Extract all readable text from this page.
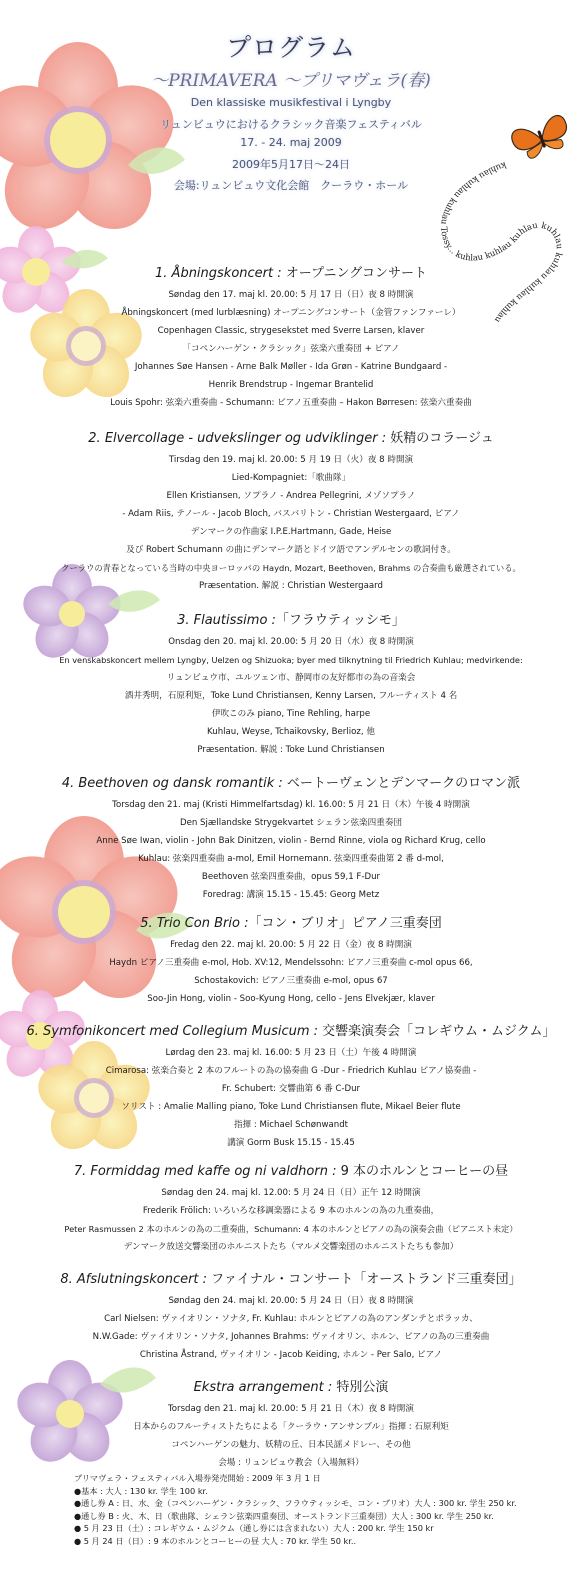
kuhlau kuhlau kuhlau Tossy... kuhlau kuhlau kuhlau kuhlau kuhlau kuhlau kuhlau
プログラム
〜PRIMAVERA 〜プリマヴェラ(春)
Den klassiske musikfestival i Lyngby
リュンビュウにおけるクラシック音楽フェスティバル
17. - 24. maj 2009
2009年5月17日〜24日
会場:リュンビュウ文化会館　クーラウ・ホール
1. Åbningskoncert : オープニングコンサート
Søndag den 17. maj kl. 20.00: 5 月 17 日（日）夜 8 時開演
Åbningskoncert (med lurblæsning) オープニングコンサート（金管ファンファーレ）
Copenhagen Classic, strygesekstet med Sverre Larsen, klaver
「コペンハーゲン・クラシック」弦楽六重奏団 + ピアノ
Johannes Søe Hansen - Arne Balk Møller - Ida Grøn - Katrine Bundgaard -
Henrik Brendstrup - Ingemar Brantelid
Louis Spohr: 弦楽六重奏曲 - Schumann: ピアノ五重奏曲 – Hakon Børresen: 弦楽六重奏曲
2. Elvercollage - udvekslinger og udviklinger : 妖精のコラージュ
Tirsdag den 19. maj kl. 20.00: 5 月 19 日（火）夜 8 時開演
Lied-Kompagniet:「歌曲隊」
Ellen Kristiansen, ソプラノ - Andrea Pellegrini, メゾソプラノ
- Adam Riis, テノール - Jacob Bloch, バスバリトン - Christian Westergaard, ピアノ
デンマークの作曲家 I.P.E.Hartmann, Gade, Heise
及び Robert Schumann の曲にデンマーク語とドイツ語でアンデルセンの歌詞付き。
クーラウの青春となっている当時の中央ヨーロッパの Haydn, Mozart, Beethoven, Brahms の合奏曲も厳選されている。
Præsentation. 解説 : Christian Westergaard
3. Flautissimo :「フラウティッシモ」
Onsdag den 20. maj kl. 20.00: 5 月 20 日（水）夜 8 時開演
En venskabskoncert mellem Lyngby, Uelzen og Shizuoka; byer med tilknytning til Friedrich Kuhlau; medvirkende:
リュンビュウ市、ユルツェン市、静岡市の友好都市の為の音楽会
酒井秀明，石原利矩，Toke Lund Christiansen, Kenny Larsen, フルーティスト 4 名
伊吹このみ piano, Tine Rehling, harpe
Kuhlau, Weyse, Tchaikovsky, Berlioz, 他
Præsentation. 解説 : Toke Lund Christiansen
4. Beethoven og dansk romantik : ベートーヴェンとデンマークのロマン派
Torsdag den 21. maj (Kristi Himmelfartsdag) kl. 16.00: 5 月 21 日（木）午後 4 時開演
Den Sjællandske Strygekvartet シェラン弦楽四重奏団
Anne Søe Iwan, violin - John Bak Dinitzen, violin - Bernd Rinne, viola og Richard Krug, cello
Kuhlau: 弦楽四重奏曲 a-mol, Emil Hornemann. 弦楽四重奏曲第 2 番 d-mol,
Beethoven 弦楽四重奏曲，opus 59,1 F-Dur
Foredrag: 講演 15.15 - 15.45: Georg Metz
5. Trio Con Brio :「コン・ブリオ」ピアノ三重奏団
Fredag den 22. maj kl. 20.00: 5 月 22 日（金）夜 8 時開演
Haydn ピアノ三重奏曲 e-mol, Hob. XV:12, Mendelssohn: ピアノ三重奏曲 c-mol opus 66,
Schostakovich: ピアノ三重奏曲 e-mol, opus 67
Soo-Jin Hong, violin - Soo-Kyung Hong, cello - Jens Elvekjær, klaver
6. Symfonikoncert med Collegium Musicum : 交響楽演奏会「コレギウム・ムジクム」
Lørdag den 23. maj kl. 16.00: 5 月 23 日（土）午後 4 時開演
Cimarosa: 弦楽合奏と 2 本のフルートの為の協奏曲 G -Dur - Friedrich Kuhlau ピアノ協奏曲 -
Fr. Schubert: 交響曲第 6 番 C-Dur
ソリスト : Amalie Malling piano, Toke Lund Christiansen flute, Mikael Beier flute
指揮 : Michael Schønwandt
講演 Gorm Busk 15.15 - 15.45
7. Formiddag med kaffe og ni valdhorn : 9 本のホルンとコーヒーの昼
Søndag den 24. maj kl. 12.00: 5 月 24 日（日）正午 12 時開演
Frederik Frölich: いろいろな移調楽器による 9 本のホルンの為の九重奏曲，
Peter Rasmussen 2 本のホルンの為の二重奏曲，Schumann: 4 本のホルンとピアノの為の演奏会曲（ピアニスト未定）
デンマーク放送交響楽団のホルニストたち（マルメ交響楽団のホルニストたちも参加）
8. Afslutningskoncert : ファイナル・コンサート「オーストランド三重奏団」
Søndag den 24. maj kl. 20.00: 5 月 24 日（日）夜 8 時開演
Carl Nielsen: ヴァイオリン・ソナタ, Fr. Kuhlau: ホルンとピアノの為のアンダンテとポラッカ、
N.W.Gade: ヴァイオリン・ソナタ, Johannes Brahms: ヴァイオリン、ホルン、ピアノの為の三重奏曲
Christina Åstrand, ヴァイオリン - Jacob Keiding, ホルン - Per Salo, ピアノ
Ekstra arrangement : 特別公演
Torsdag den 21. maj kl. 20.00: 5 月 21 日（木）夜 8 時開演
日本からのフルーティストたちによる「クーラウ・アンサンブル」指揮 : 石原利矩
コペンハーゲンの魅力、妖精の丘、日本民謡メドレー、その他
会場 : リュンビュウ教会（入場無料）
プリマヴェラ・フェスティバル入場券発売開始 : 2009 年 3 月 1 日
●基本 : 大人 : 130 kr. 学生 100 kr.
●通し券 A : 日、水、金（コペンハーゲン・クラシック、フラウティッシモ、コン・ブリオ）大人 : 300 kr. 学生 250 kr.
●通し券 B : 火、木、日（歌曲隊、シェラン弦楽四重奏団、オーストランド三重奏団）大人 : 300 kr. 学生 250 kr.
● 5 月 23 日（土）: コレギウム・ムジクム（通し券には含まれない）大人 : 200 kr. 学生 150 kr
● 5 月 24 日（日）: 9 本のホルンとコーヒーの昼 大人 : 70 kr. 学生 50 kr..
